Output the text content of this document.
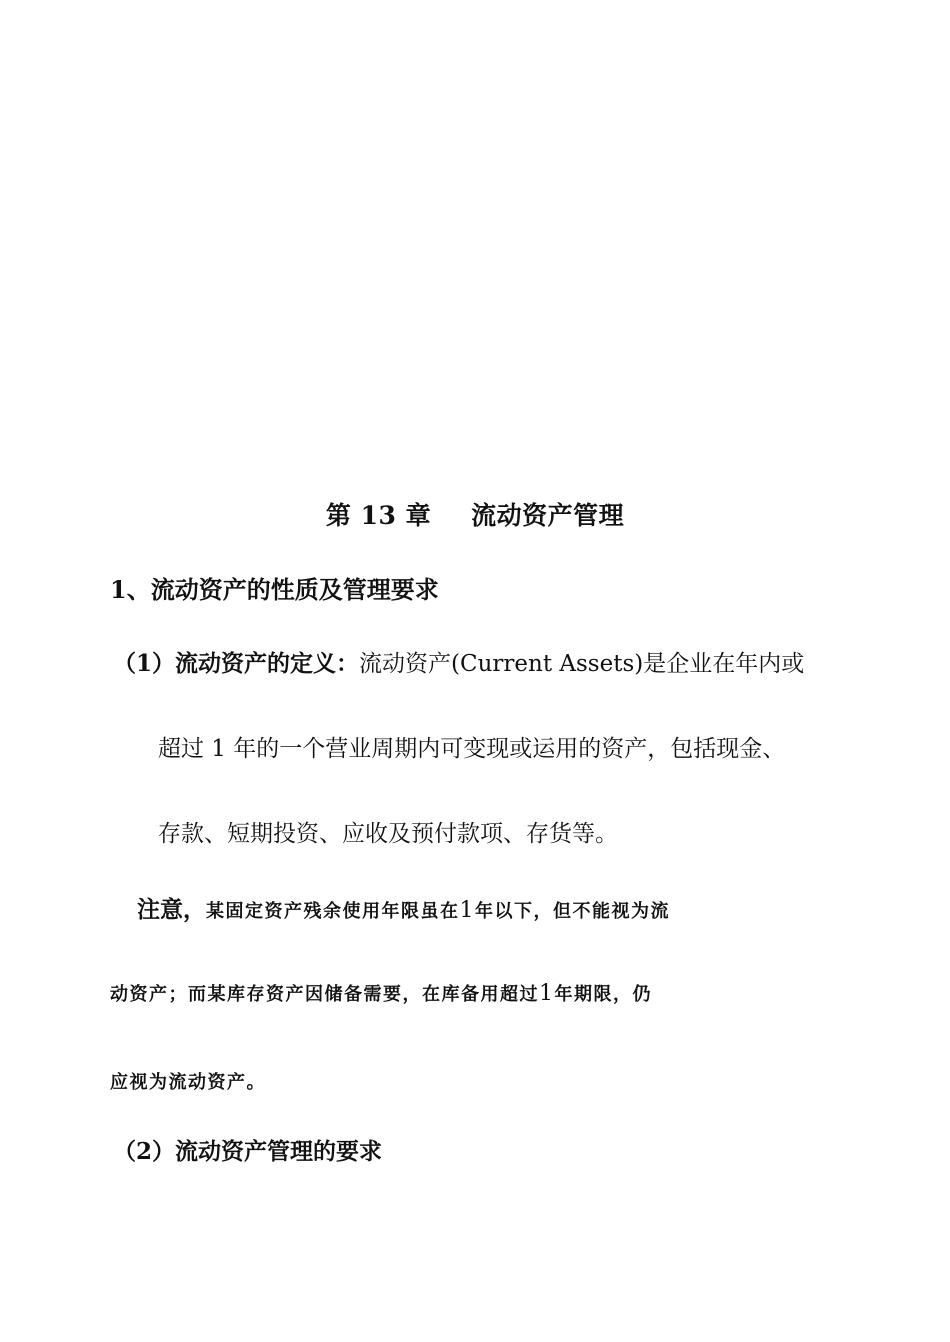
第 13 章 流动资产管理
1、流动资产的性质及管理要求
（1）流动资产的定义：流动资产(Current Assets)是企业在年内或
超过 1 年的一个营业周期内可变现或运用的资产，包括现金、
存款、短期投资、应收及预付款项、存货等。
注意，某固定资产残余使用年限虽在1年以下，但不能视为流
动资产；而某库存资产因储备需要，在库备用超过1年期限，仍
应视为流动资产。
（2）流动资产管理的要求
